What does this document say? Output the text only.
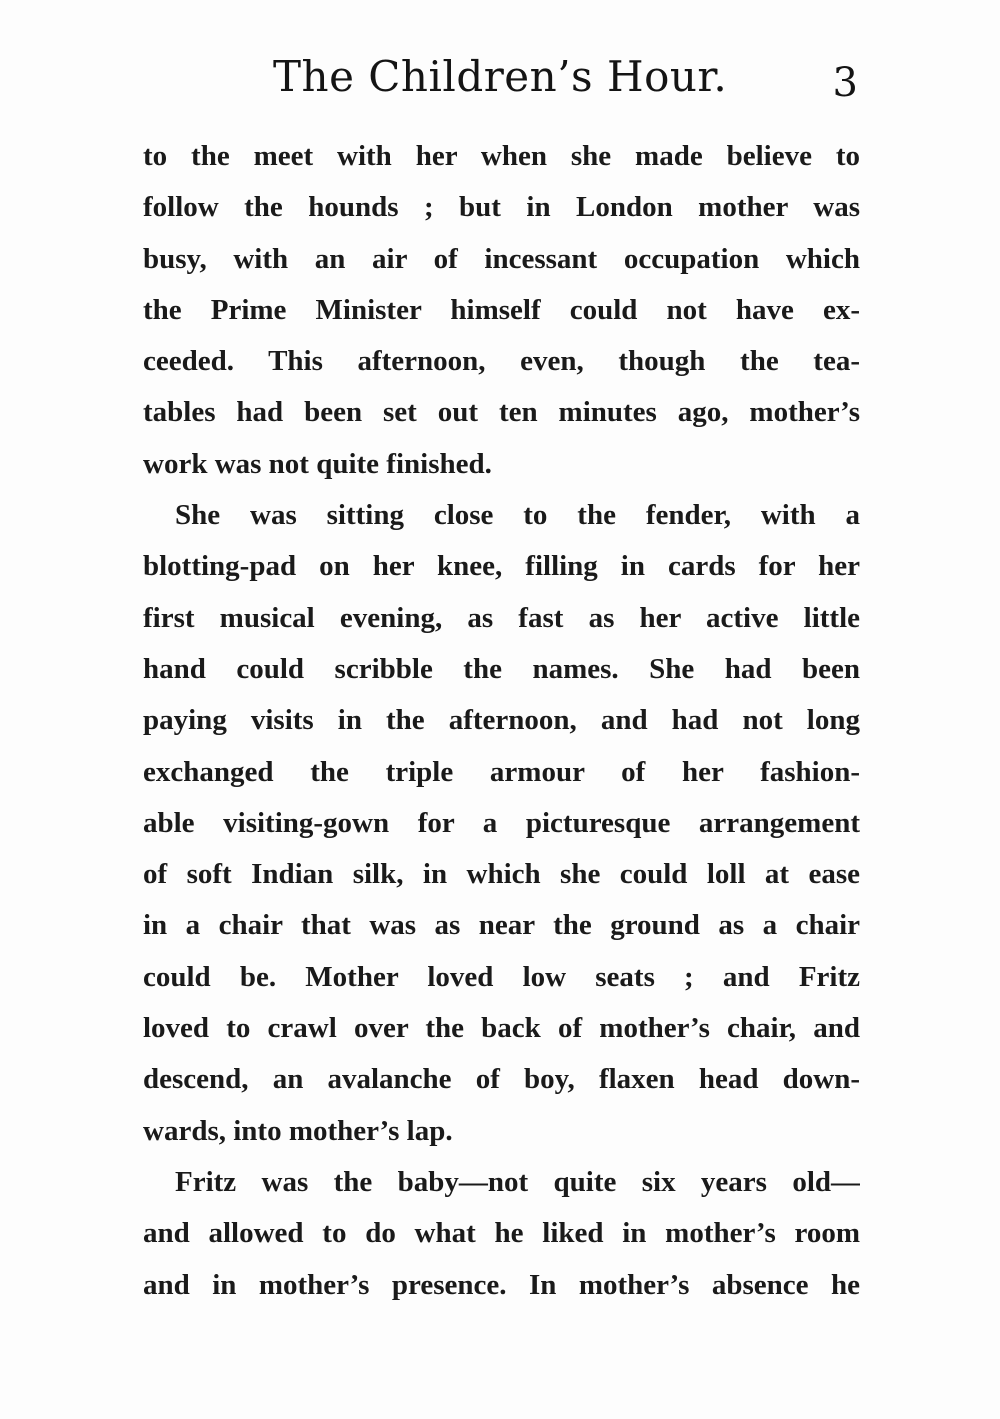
The Children’s Hour.	3

to the meet with her when she made believe to
follow the hounds ; but in London mother was
busy, with an air of incessant occupation which
the Prime Minister himself could not have ex-
ceeded. This afternoon, even, though the tea-
tables had been set out ten minutes ago, mother’s
work was not quite finished.

She was sitting close to the fender, with a
blotting-pad on her knee, filling in cards for her
first musical evening, as fast as her active little
hand could scribble the names. She had been
paying visits in the afternoon, and had not long
exchanged the triple armour of her fashion-
able visiting-gown for a picturesque arrangement
of soft Indian silk, in which she could loll at ease
in a chair that was as near the ground as a chair
could be. Mother loved low seats ; and Fritz
loved to crawl over the back of mother’s chair, and
descend, an avalanche of boy, flaxen head down-
wards, into mother’s lap.

Fritz was the baby—not quite six years old—
and allowed to do what he liked in mother’s room
and in mother’s presence. In mother’s absence he
